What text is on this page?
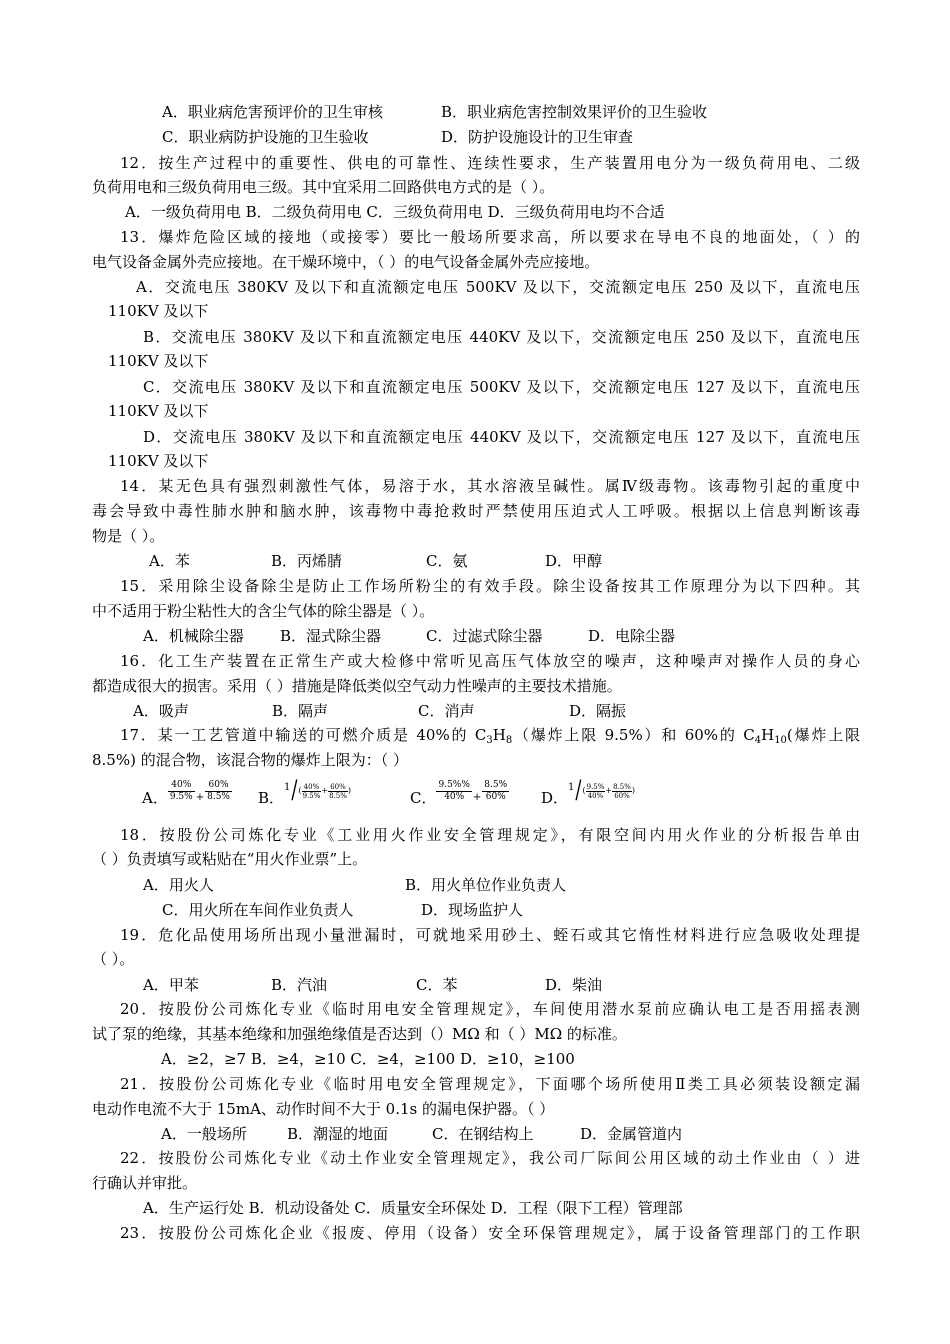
A．职业病危害预评价的卫生审核	B．职业病危害控制效果评价的卫生验收
C．职业病防护设施的卫生验收	D．防护设施设计的卫生审查
12．按生产过程中的重要性、供电的可靠性、连续性要求，生产装置用电分为一级负荷用电、二级
负荷用电和三级负荷用电三级。其中宜采用二回路供电方式的是（ ）。
A．一级负荷用电 B．二级负荷用电 C．三级负荷用电 D．三级负荷用电均不合适
13．爆炸危险区域的接地（或接零）要比一般场所要求高，所以要求在导电不良的地面处，（ ）的
电气设备金属外壳应接地。在干燥环境中，（ ）的电气设备金属外壳应接地。
A．交流电压 380KV 及以下和直流额定电压 500KV 及以下，交流额定电压 250 及以下，直流电压
110KV 及以下
B．交流电压 380KV 及以下和直流额定电压 440KV 及以下，交流额定电压 250 及以下，直流电压
110KV 及以下
C．交流电压 380KV 及以下和直流额定电压 500KV 及以下，交流额定电压 127 及以下，直流电压
110KV 及以下
D．交流电压 380KV 及以下和直流额定电压 440KV 及以下，交流额定电压 127 及以下，直流电压
110KV 及以下
14．某无色具有强烈刺激性气体，易溶于水，其水溶液呈碱性。属Ⅳ级毒物。该毒物引起的重度中
毒会导致中毒性肺水肿和脑水肿，该毒物中毒抢救时严禁使用压迫式人工呼吸。根据以上信息判断该毒
物是（ ）。
A．苯	B．丙烯腈	C．氨	D．甲醇
15．采用除尘设备除尘是防止工作场所粉尘的有效手段。除尘设备按其工作原理分为以下四种。其
中不适用于粉尘粘性大的含尘气体的除尘器是（ ）。
A．机械除尘器 B．湿式除尘器	C．过滤式除尘器	D．电除尘器
16．化工生产装置在正常生产或大检修中常听见高压气体放空的噪声，这种噪声对操作人员的身心
都造成很大的损害。采用（ ）措施是降低类似空气动力性噪声的主要技术措施。
A．吸声	B．隔声	C．消声	D．隔振
17．某一工艺管道中输送的可燃介质是 40%的 $C_3H_8$（爆炸上限 9.5%）和 60%的 $C_4H_{10}$(爆炸上限
8.5%) 的混合物，该混合物的爆炸上限为：（ ）
A． $\frac{40\%}{9.5\%} + \frac{60\%}{8.5\%}$ B．$1/( \frac{40\%}{9.5\%} + \frac{60\%}{8.5\%}$ )	C． $\frac{9.5\%\%}{40\%} + \frac{8.5\%}{60\%}$ D．$1/( \frac{9.5\%}{40\%} + \frac{8.5\%}{60\%}$ )
18．按股份公司炼化专业《工业用火作业安全管理规定》，有限空间内用火作业的分析报告单由
（ ）负责填写或粘贴在“用火作业票”上。
A．用火人	B．用火单位作业负责人
C．用火所在车间作业负责人	D．现场监护人
19．危化品使用场所出现小量泄漏时，可就地采用砂土、蛭石或其它惰性材料进行应急吸收处理提
（ ）。
A．甲苯	B．汽油	C．苯	D．柴油
20．按股份公司炼化专业《临时用电安全管理规定》，车间使用潜水泵前应确认电工是否用摇表测
试了泵的绝缘，其基本绝缘和加强绝缘值是否达到（）MΩ 和（ ）MΩ 的标准。
A．≥2，≥7 B．≥4，≥10 C．≥4，≥100 D．≥10，≥100
21．按股份公司炼化专业《临时用电安全管理规定》，下面哪个场所使用Ⅱ类工具必须装设额定漏
电动作电流不大于 15mA、动作时间不大于 0.1s 的漏电保护器。（ ）
A．一般场所	B．潮湿的地面	C．在钢结构上	D．金属管道内
22．按股份公司炼化专业《动土作业安全管理规定》，我公司厂际间公用区域的动土作业由（ ）进
行确认并审批。
A．生产运行处 B．机动设备处 C．质量安全环保处 D．工程（限下工程）管理部
23．按股份公司炼化企业《报废、停用（设备）安全环保管理规定》，属于设备管理部门的工作职
